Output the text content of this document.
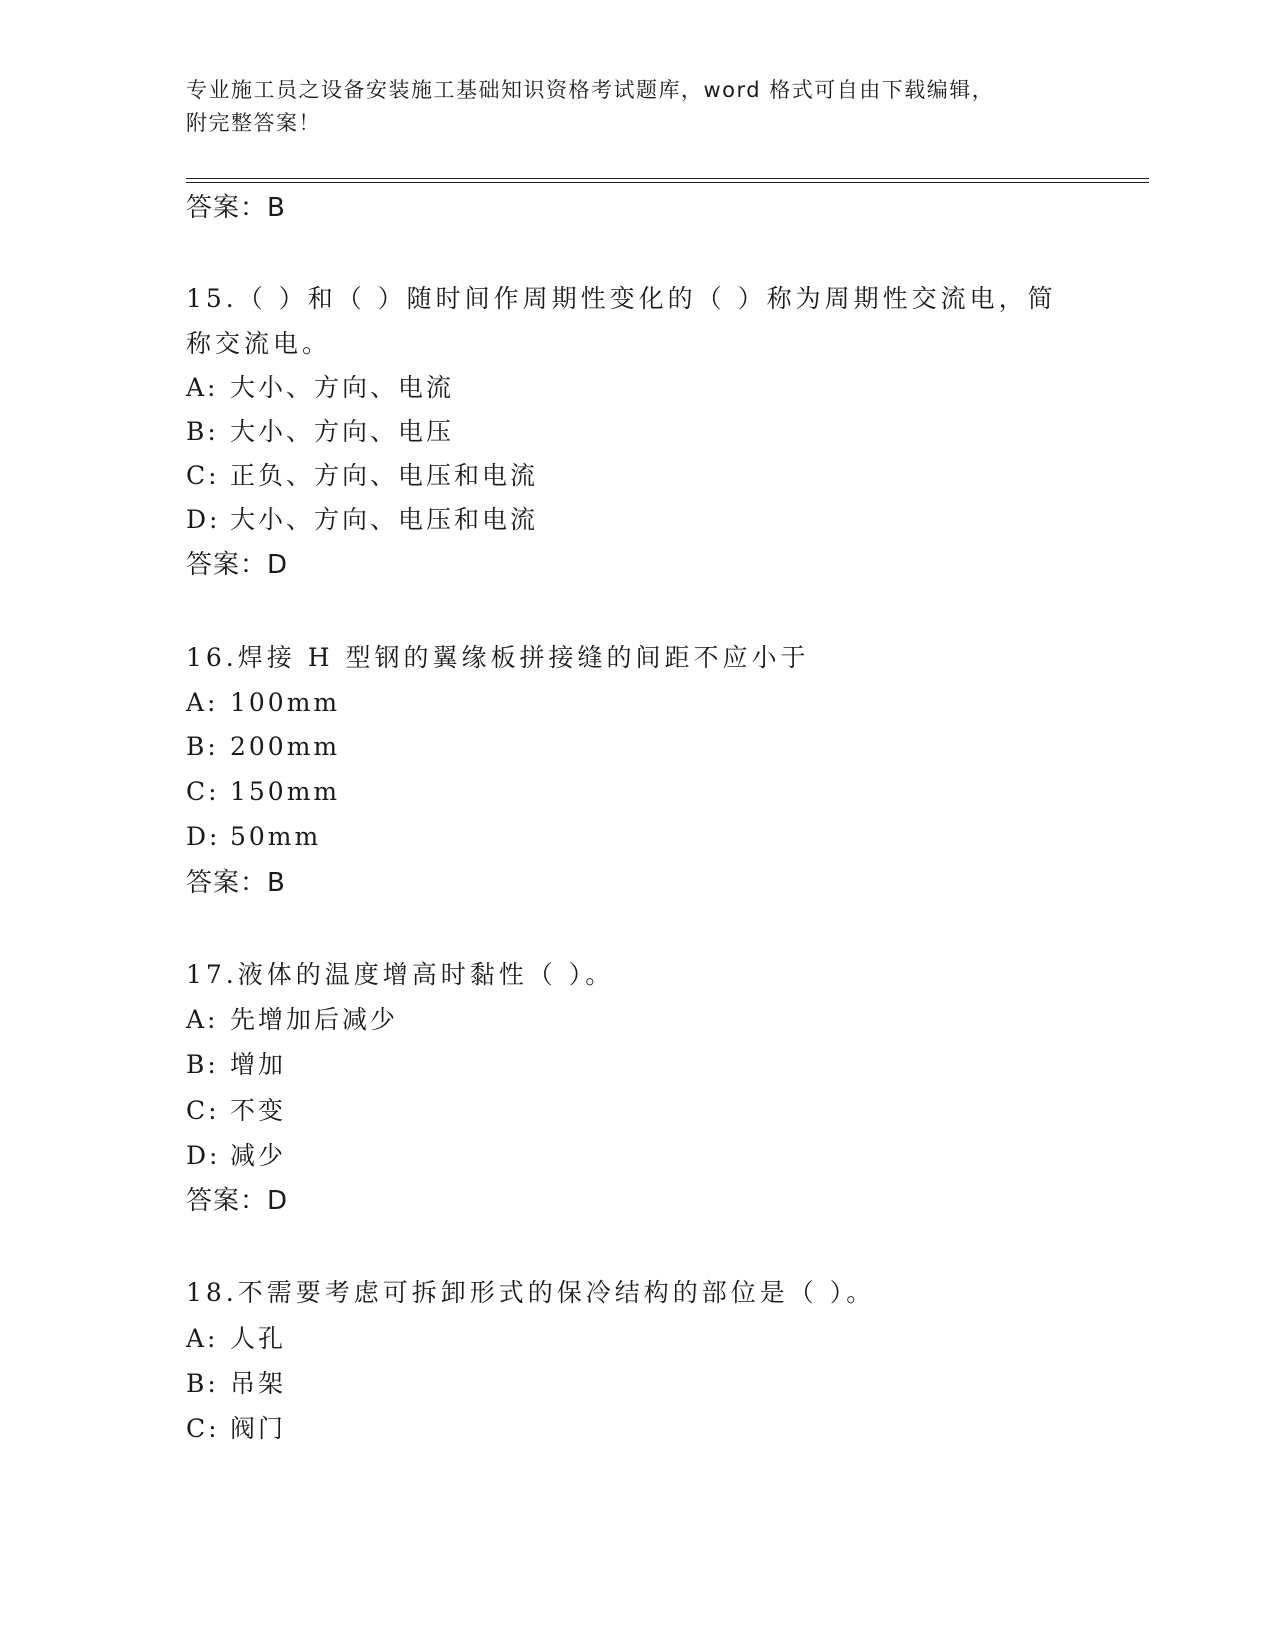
专业施工员之设备安装施工基础知识资格考试题库，word 格式可自由下载编辑，
附完整答案！
答案：B
15.（ ）和（ ）随时间作周期性变化的（ ）称为周期性交流电，简
称交流电。
A: 大小、方向、电流
B: 大小、方向、电压
C: 正负、方向、电压和电流
D: 大小、方向、电压和电流
答案：D
16.焊接 H 型钢的翼缘板拼接缝的间距不应小于
A: 100mm
B: 200mm
C: 150mm
D: 50mm
答案：B
17.液体的温度增高时黏性（ ）。
A: 先增加后减少
B: 增加
C: 不变
D: 减少
答案：D
18.不需要考虑可拆卸形式的保冷结构的部位是（ ）。
A: 人孔
B: 吊架
C: 阀门
